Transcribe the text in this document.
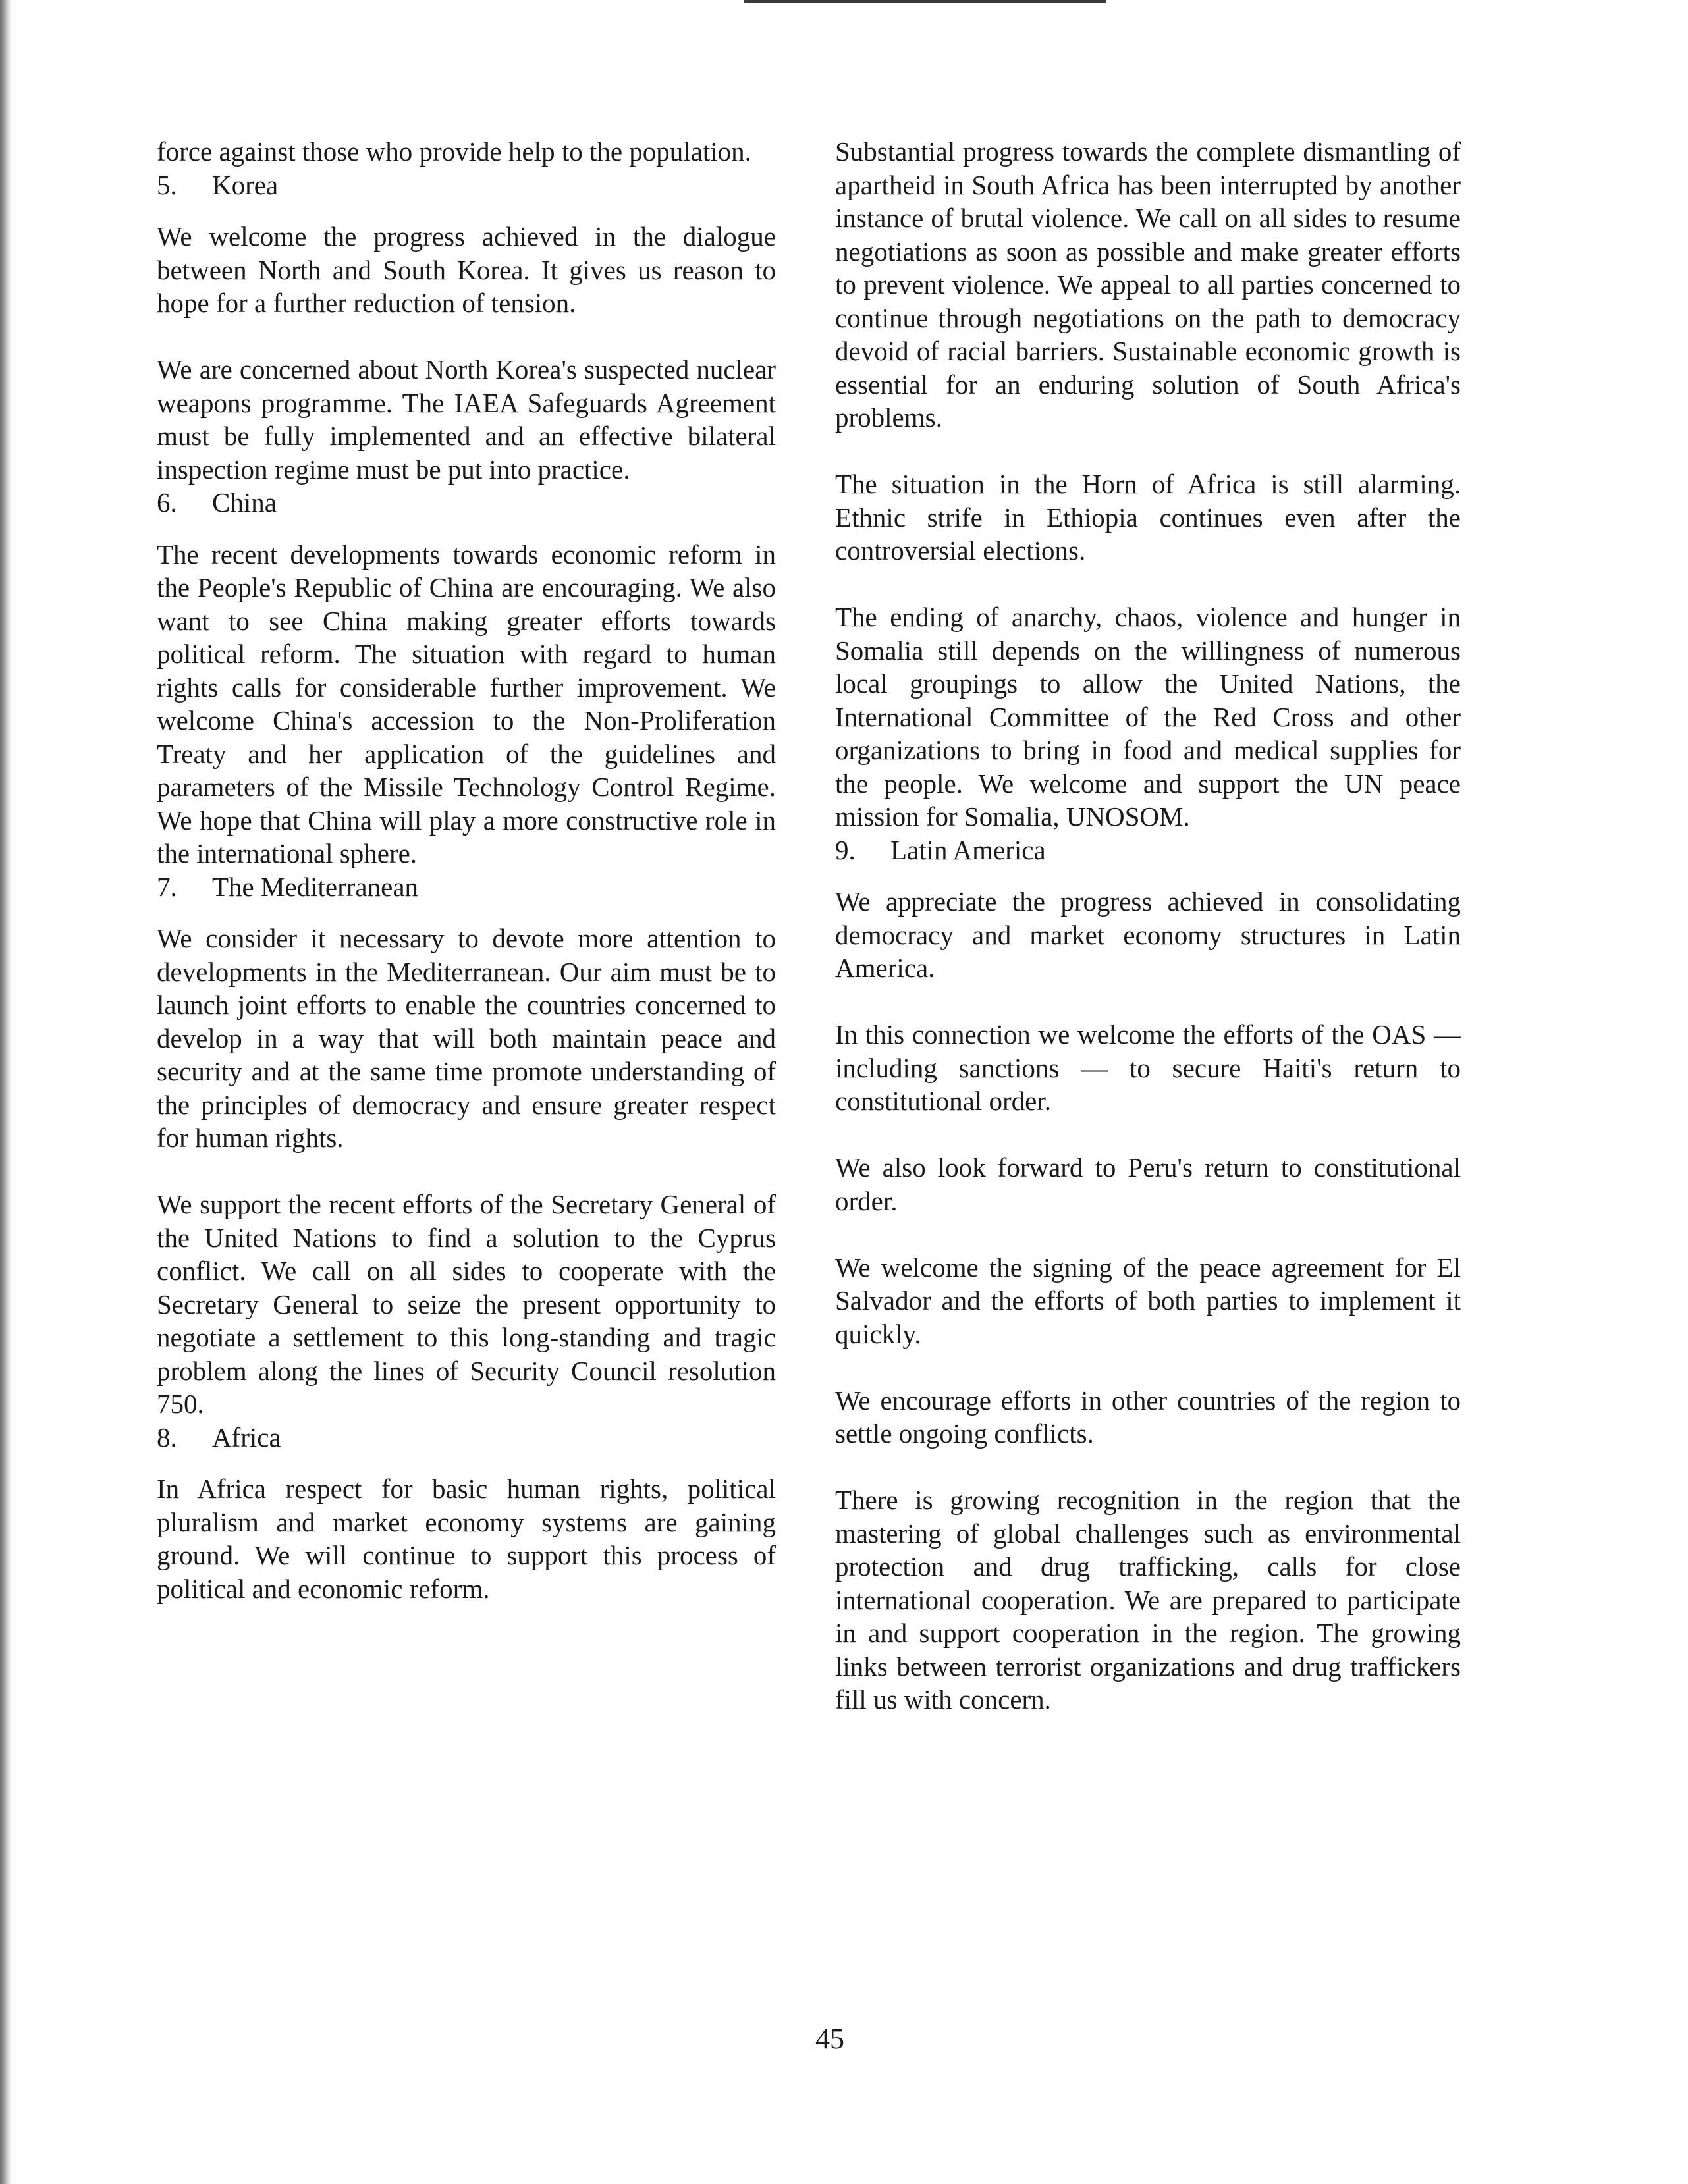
force against those who provide help to the population.

5. Korea

We welcome the progress achieved in the dialogue between North and South Korea. It gives us reason to hope for a further reduction of tension.

We are concerned about North Korea's suspected nuclear weapons programme. The IAEA Safeguards Agreement must be fully implemented and an effective bilateral inspection regime must be put into practice.

6. China

The recent developments towards economic reform in the People's Republic of China are encouraging. We also want to see China making greater efforts towards political reform. The situation with regard to human rights calls for considerable further improvement. We welcome China's accession to the Non-Proliferation Treaty and her application of the guidelines and parameters of the Missile Technology Control Regime. We hope that China will play a more constructive role in the international sphere.

7. The Mediterranean

We consider it necessary to devote more attention to developments in the Mediterranean. Our aim must be to launch joint efforts to enable the countries concerned to develop in a way that will both maintain peace and security and at the same time promote understanding of the principles of democracy and ensure greater respect for human rights.

We support the recent efforts of the Secretary General of the United Nations to find a solution to the Cyprus conflict. We call on all sides to cooperate with the Secretary General to seize the present opportunity to negotiate a settlement to this long-standing and tragic problem along the lines of Security Council resolution 750.

8. Africa

In Africa respect for basic human rights, political pluralism and market economy systems are gaining ground. We will continue to support this process of political and economic reform.

Substantial progress towards the complete dismantling of apartheid in South Africa has been interrupted by another instance of brutal violence. We call on all sides to resume negotiations as soon as possible and make greater efforts to prevent violence. We appeal to all parties concerned to continue through negotiations on the path to democracy devoid of racial barriers. Sustainable economic growth is essential for an enduring solution of South Africa's problems.

The situation in the Horn of Africa is still alarming. Ethnic strife in Ethiopia continues even after the controversial elections.

The ending of anarchy, chaos, violence and hunger in Somalia still depends on the willingness of numerous local groupings to allow the United Nations, the International Committee of the Red Cross and other organizations to bring in food and medical supplies for the people. We welcome and support the UN peace mission for Somalia, UNOSOM.

9. Latin America

We appreciate the progress achieved in consolidating democracy and market economy structures in Latin America.

In this connection we welcome the efforts of the OAS — including sanctions — to secure Haiti's return to constitutional order.

We also look forward to Peru's return to constitutional order.

We welcome the signing of the peace agreement for El Salvador and the efforts of both parties to implement it quickly.

We encourage efforts in other countries of the region to settle ongoing conflicts.

There is growing recognition in the region that the mastering of global challenges such as environmental protection and drug trafficking, calls for close international cooperation. We are prepared to participate in and support cooperation in the region. The growing links between terrorist organizations and drug traffickers fill us with concern.

45
